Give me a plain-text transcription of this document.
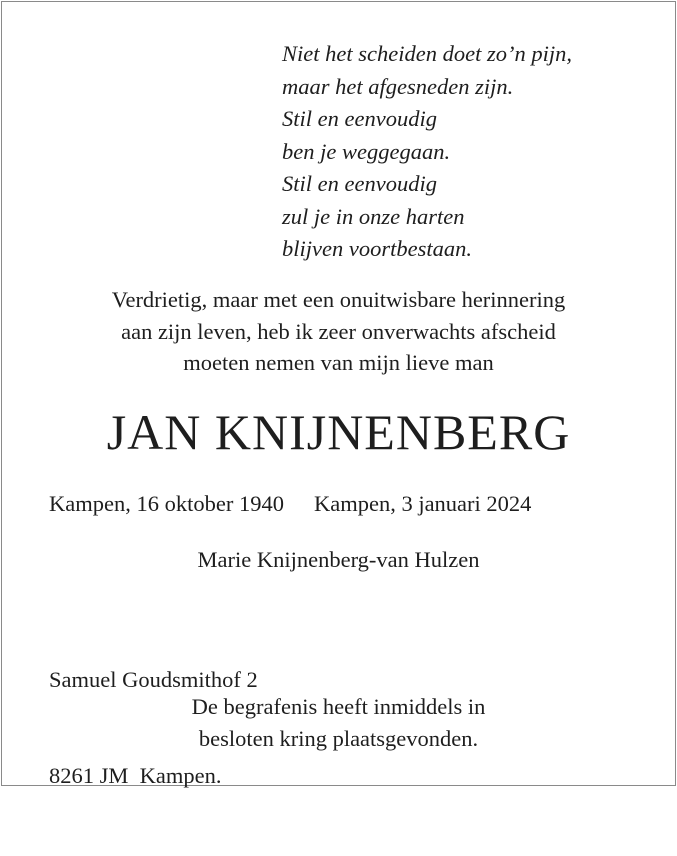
Niet het scheiden doet zo’n pijn,
maar het afgesneden zijn.
Stil en eenvoudig
ben je weggegaan.
Stil en eenvoudig
zul je in onze harten
blijven voortbestaan.
Verdrietig, maar met een onuitwisbare herinnering
aan zijn leven, heb ik zeer onverwachts afscheid
moeten nemen van mijn lieve man
JAN KNIJNENBERG
Kampen, 16 oktober 1940 Kampen, 3 januari 2024
Marie Knijnenberg-van Hulzen

Samuel Goudsmithof 2

8261 JM  Kampen.

De begrafenis heeft inmiddels in
besloten kring plaatsgevonden.
